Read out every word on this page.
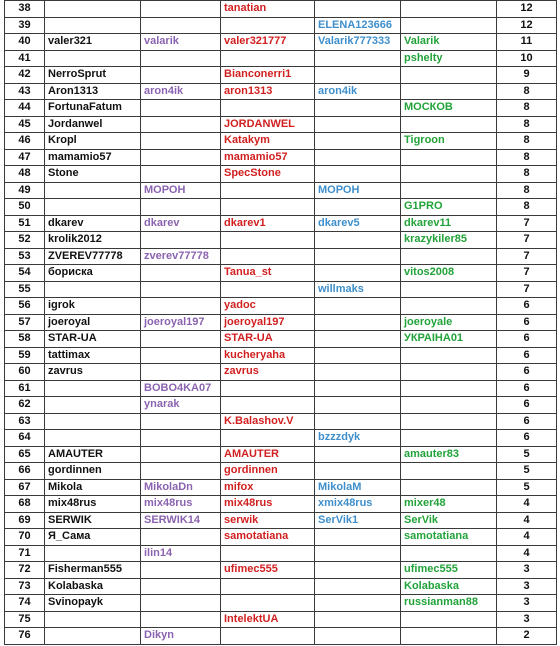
38			tanatian			12
39				ELENA123666		12
40	valer321	valarik	valer321777	Valarik777333	Valarik	11
41					pshelty	10
42	NerroSprut		Bianconerri1			9
43	Aron1313	aron4ik	aron1313	aron4ik		8
44	FortunaFatum				МОСКОВ	8
45	Jordanwel		JORDANWEL			8
46	Kropl		Katakym		Tigroon	8
47	mamamio57		mamamio57			8
48	Stone		SpecStone			8
49		МОРОН		МОРОН		8
50					G1PRO	8
51	dkarev	dkarev	dkarev1	dkarev5	dkarev11	7
52	krolik2012				krazykiler85	7
53	ZVEREV77778	zverev77778				7
54	бориска		Tanua_st		vitos2008	7
55				willmaks		7
56	igrok		yadoc			6
57	joeroyal	joeroyal197	joeroyal197		joeroyale	6
58	STAR-UA		STAR-UA		УКРАІНА01	6
59	tattimax		kucheryaha			6
60	zavrus		zavrus			6
61		BOBO4KA07				6
62		ynarak				6
63			K.Balashov.V			6
64				bzzzdyk		6
65	AMAUTER		AMAUTER		amauter83	5
66	gordinnen		gordinnen			5
67	Mikola	MikolaDn	mifox	MikolaM		5
68	mix48rus	mix48rus	mix48rus	xmix48rus	mixer48	4
69	SERWIK	SERWIK14	serwik	SerVik1	SerVik	4
70	Я_Сама		samotatiana		samotatiana	4
71		ilin14				4
72	Fisherman555		ufimec555		ufimec555	3
73	Kolabaska				Kolabaska	3
74	Svinopayk				russianman88	3
75			IntelektUA			3
76		Dikyn				2
